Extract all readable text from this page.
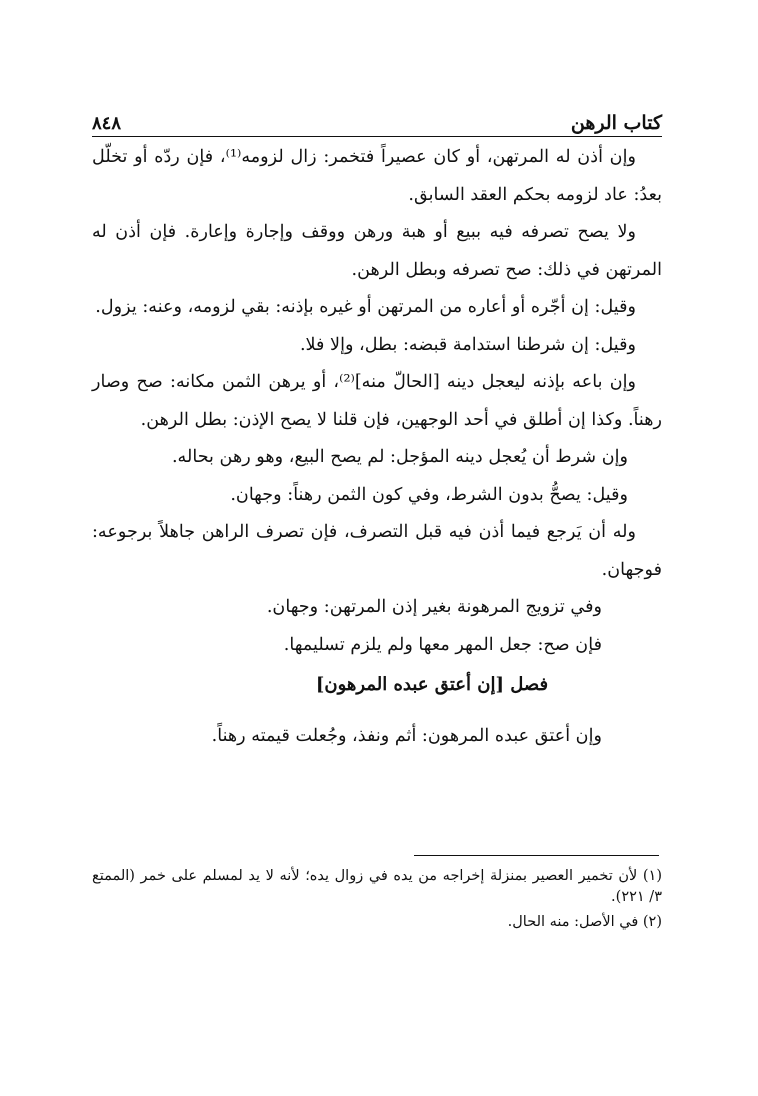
كتاب الرهن
٨٤٨

وإن أذن له المرتهن، أو كان عصيراً فتخمر: زال لزومه⁽¹⁾، فإن ردّه أو تخلّل بعدُ: عاد لزومه بحكم العقد السابق.

ولا يصح تصرفه فيه ببيع أو هبة ورهن ووقف وإجارة وإعارة. فإن أذن له المرتهن في ذلك: صح تصرفه وبطل الرهن.

وقيل: إن أجّره أو أعاره من المرتهن أو غيره بإذنه: بقي لزومه، وعنه: يزول.

وقيل: إن شرطنا استدامة قبضه: بطل، وإلا فلا.

وإن باعه بإذنه ليعجل دينه [الحالّ منه]⁽²⁾، أو يرهن الثمن مكانه: صح وصار رهناً. وكذا إن أطلق في أحد الوجهين، فإن قلنا لا يصح الإذن: بطل الرهن.

وإن شرط أن يُعجل دينه المؤجل: لم يصح البيع، وهو رهن بحاله.

وقيل: يصحُّ بدون الشرط، وفي كون الثمن رهناً: وجهان.

وله أن يَرجع فيما أذن فيه قبل التصرف، فإن تصرف الراهن جاهلاً برجوعه: فوجهان.

وفي تزويج المرهونة بغير إذن المرتهن: وجهان.

فإن صح: جعل المهر معها ولم يلزم تسليمها.

فصل [إن أعتق عبده المرهون]

وإن أعتق عبده المرهون: أثم ونفذ، وجُعلت قيمته رهناً.

(١) لأن تخمير العصير بمنزلة إخراجه من يده في زوال يده؛ لأنه لا يد لمسلم على خمر (الممتع ٣/ ٢٢١).

(٢) في الأصل: منه الحال.
